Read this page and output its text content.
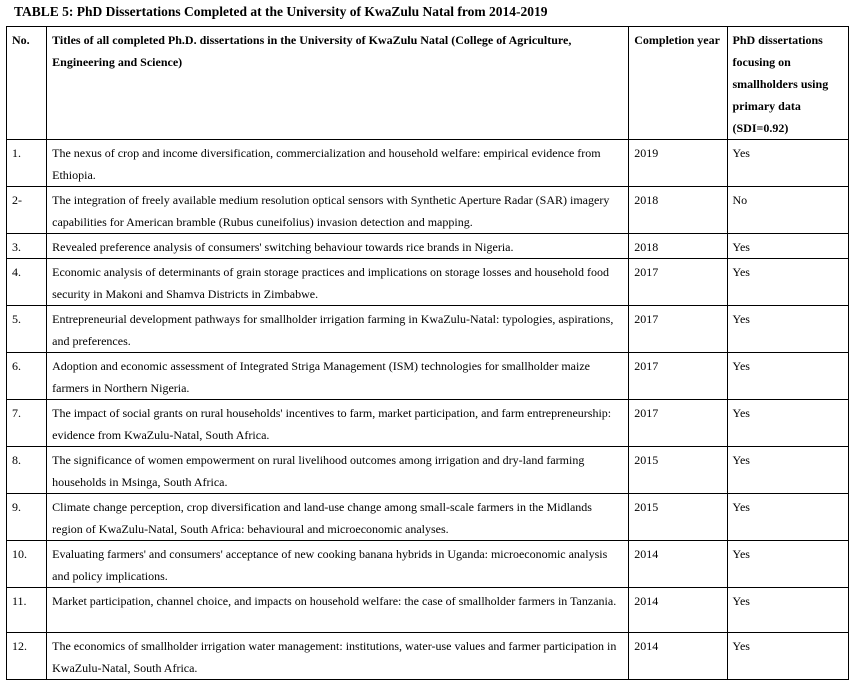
TABLE 5: PhD Dissertations Completed at the University of KwaZulu Natal from 2014-2019
No.	Titles of all completed Ph.D. dissertations in the University of KwaZulu Natal (College of Agriculture, Engineering and Science)	Completion year	PhD dissertations focusing on smallholders using primary data (SDI=0.92)
1.	The nexus of crop and income diversification, commercialization and household welfare: empirical evidence from Ethiopia.	2019	Yes
2-	The integration of freely available medium resolution optical sensors with Synthetic Aperture Radar (SAR) imagery capabilities for American bramble (Rubus cuneifolius) invasion detection and mapping.	2018	No
3.	Revealed preference analysis of consumers' switching behaviour towards rice brands in Nigeria.	2018	Yes
4.	Economic analysis of determinants of grain storage practices and implications on storage losses and household food security in Makoni and Shamva Districts in Zimbabwe.	2017	Yes
5.	Entrepreneurial development pathways for smallholder irrigation farming in KwaZulu-Natal: typologies, aspirations, and preferences.	2017	Yes
6.	Adoption and economic assessment of Integrated Striga Management (ISM) technologies for smallholder maize farmers in Northern Nigeria.	2017	Yes
7.	The impact of social grants on rural households' incentives to farm, market participation, and farm entrepreneurship: evidence from KwaZulu-Natal, South Africa.	2017	Yes
8.	The significance of women empowerment on rural livelihood outcomes among irrigation and dry-land farming households in Msinga, South Africa.	2015	Yes
9.	Climate change perception, crop diversification and land-use change among small-scale farmers in the Midlands region of KwaZulu-Natal, South Africa: behavioural and microeconomic analyses.	2015	Yes
10.	Evaluating farmers' and consumers' acceptance of new cooking banana hybrids in Uganda: microeconomic analysis and policy implications.	2014	Yes
11.	Market participation, channel choice, and impacts on household welfare: the case of smallholder farmers in Tanzania.	2014	Yes
12.	The economics of smallholder irrigation water management: institutions, water-use values and farmer participation in KwaZulu-Natal, South Africa.	2014	Yes
